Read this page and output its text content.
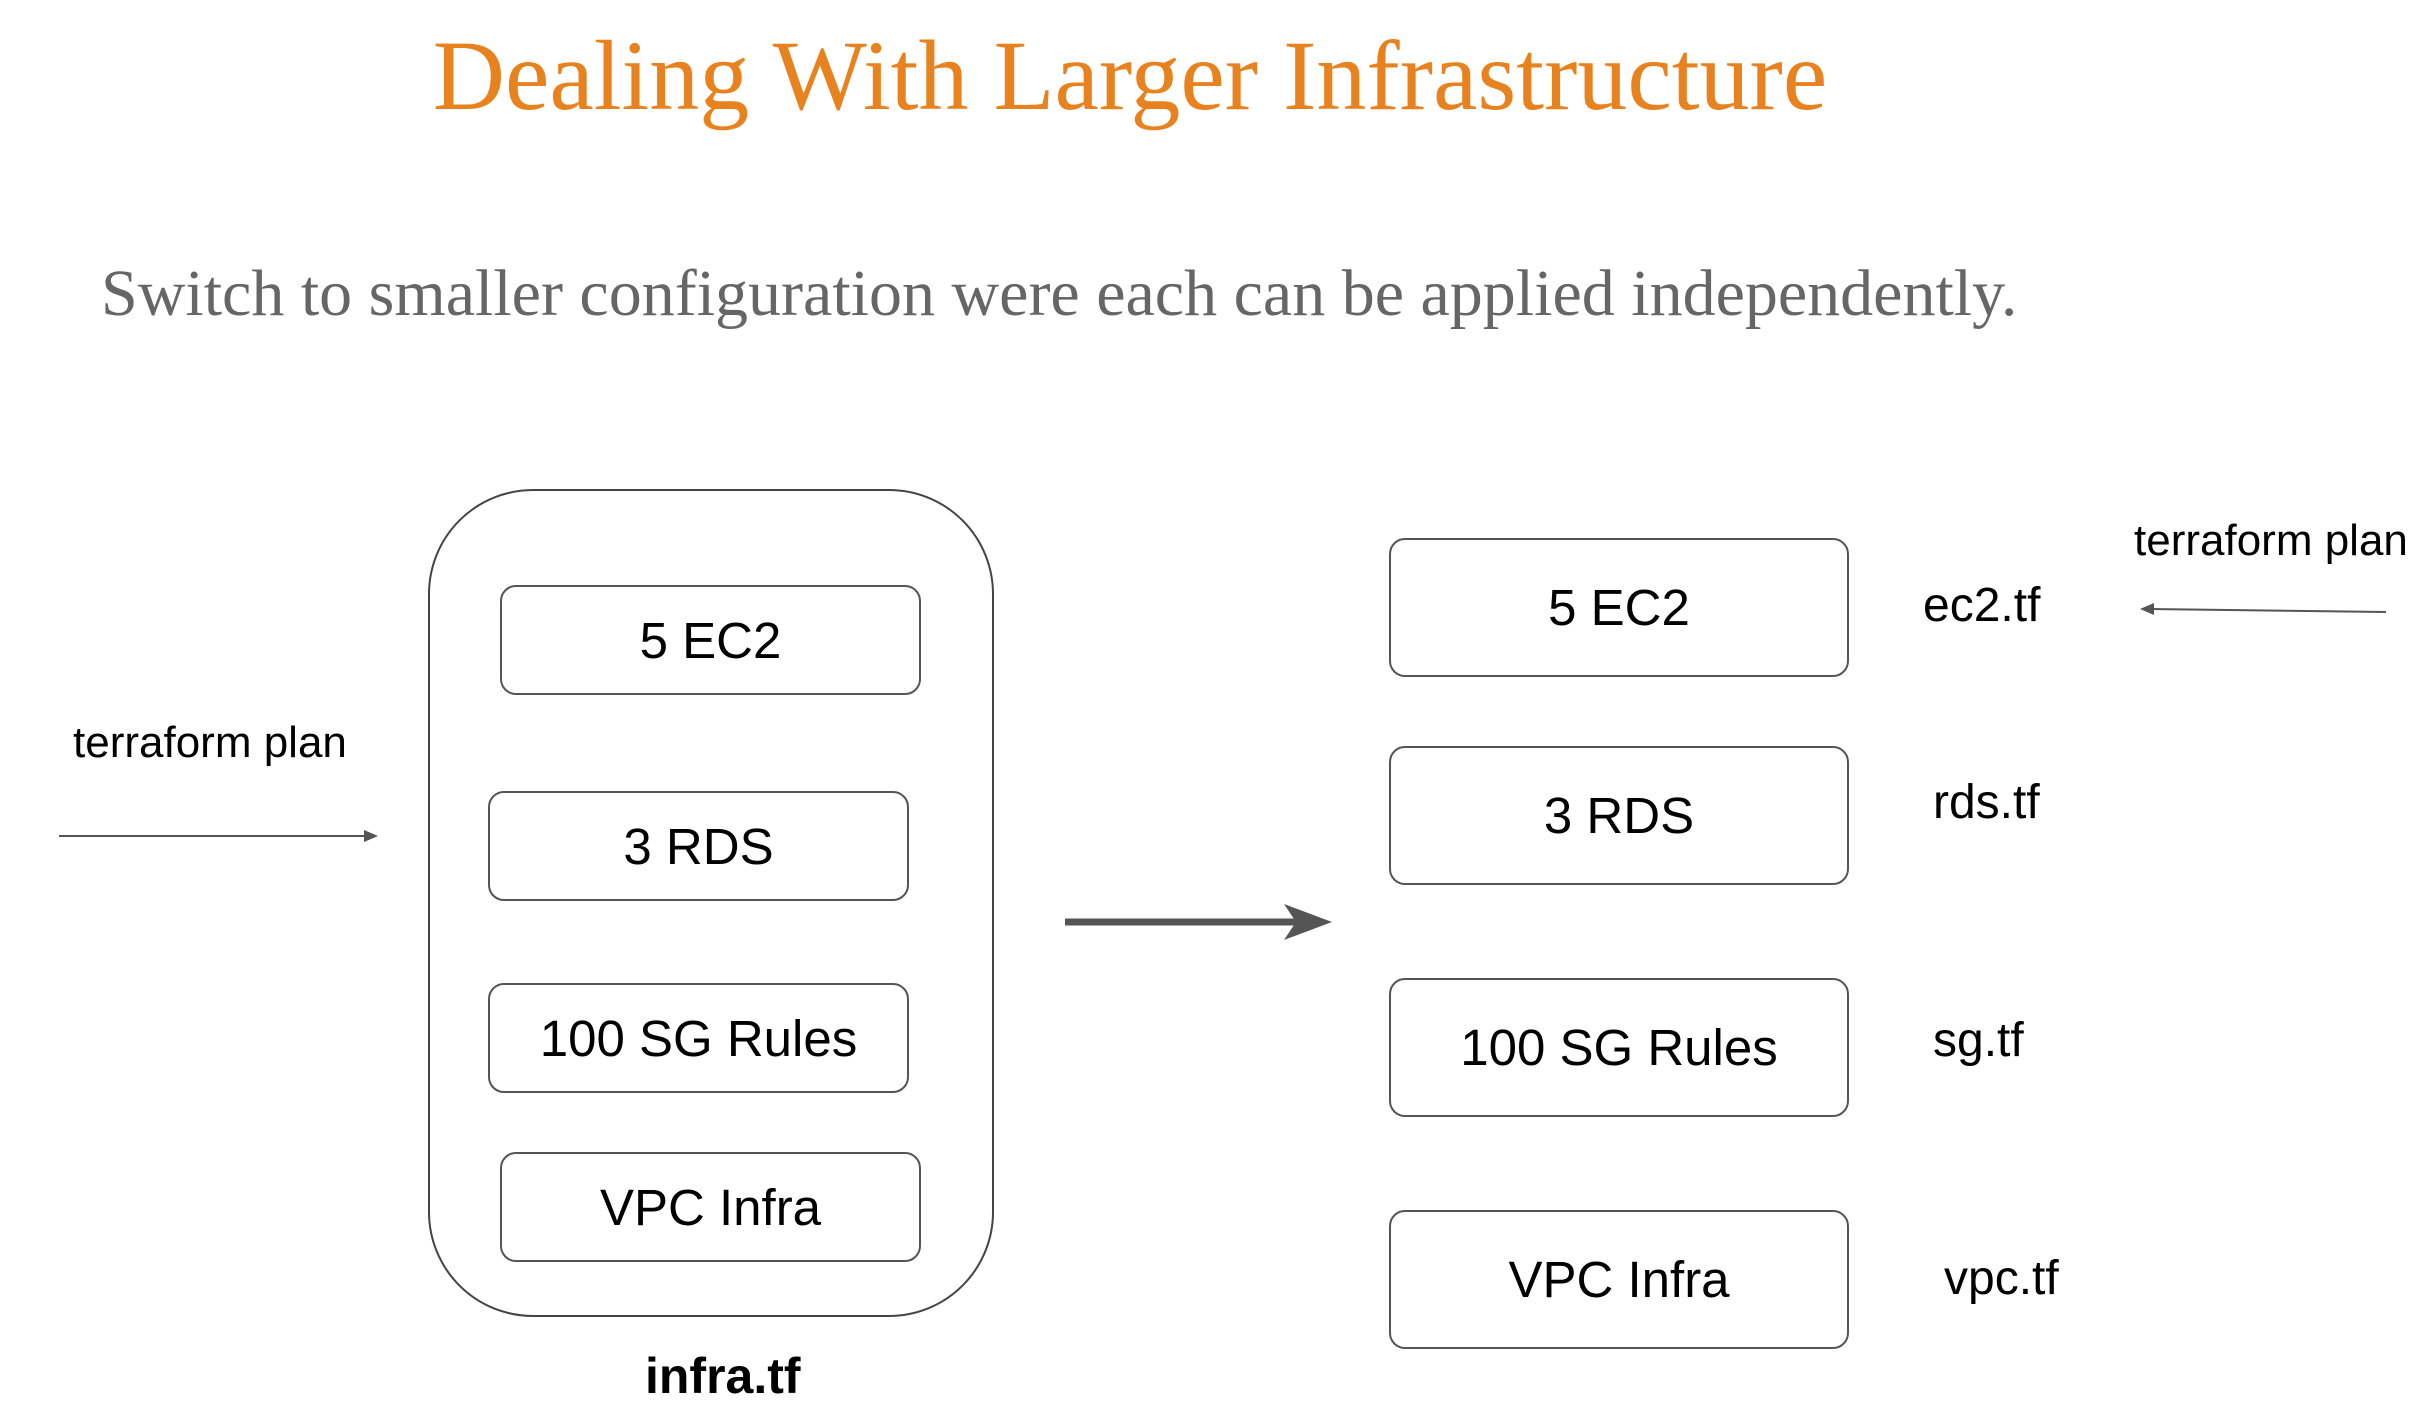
Dealing With Larger Infrastructure
Switch to smaller configuration were each can be applied independently.
terraform plan
5 EC2
3 RDS
100 SG Rules
VPC Infra
infra.tf
terraform plan
5 EC2
3 RDS
100 SG Rules
VPC Infra
ec2.tf
rds.tf
sg.tf
vpc.tf
